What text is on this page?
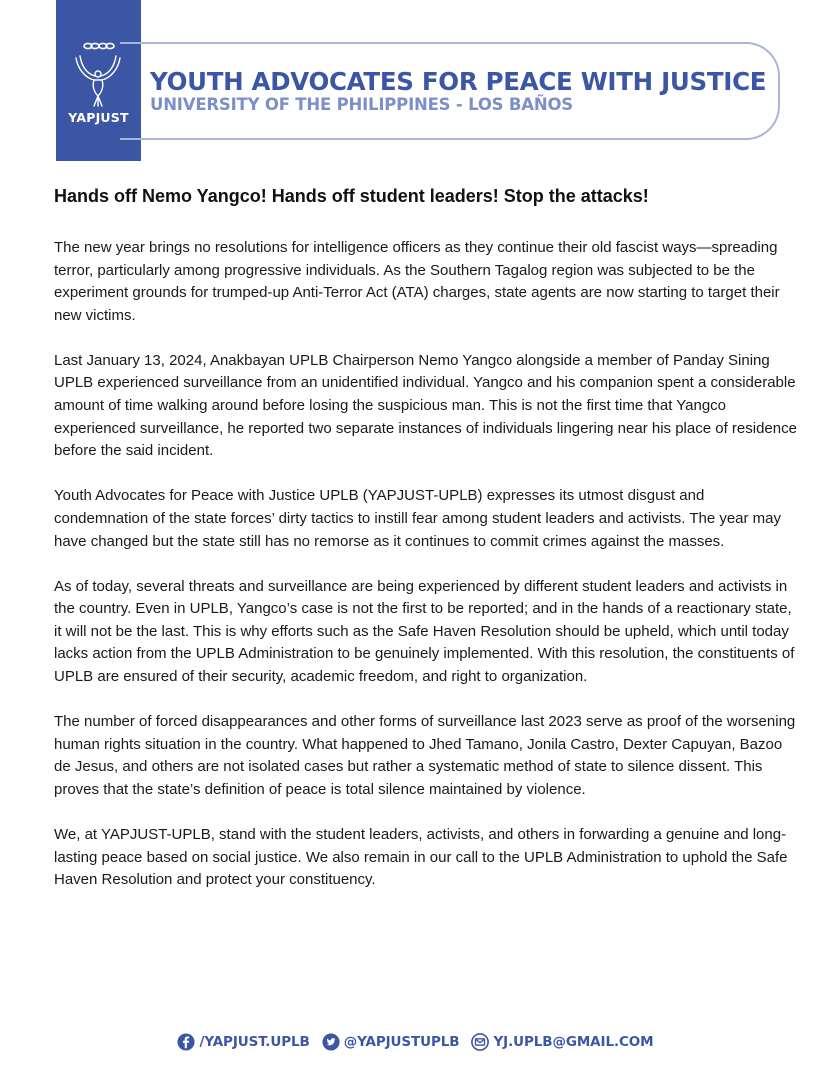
YAPJUST
YOUTH ADVOCATES FOR PEACE WITH JUSTICE
UNIVERSITY OF THE PHILIPPINES - LOS BAÑOS
Hands off Nemo Yangco! Hands off student leaders! Stop the attacks!

The new year brings no resolutions for intelligence officers as they continue their old fascist ways—spreading terror, particularly among progressive individuals. As the Southern Tagalog region was subjected to be the experiment grounds for trumped-up Anti-Terror Act (ATA) charges, state agents are now starting to target their new victims.

Last January 13, 2024, Anakbayan UPLB Chairperson Nemo Yangco alongside a member of Panday Sining UPLB experienced surveillance from an unidentified individual. Yangco and his companion spent a considerable amount of time walking around before losing the suspicious man. This is not the first time that Yangco experienced surveillance, he reported two separate instances of individuals lingering near his place of residence before the said incident.

Youth Advocates for Peace with Justice UPLB (YAPJUST-UPLB) expresses its utmost disgust and condemnation of the state forces’ dirty tactics to instill fear among student leaders and activists. The year may have changed but the state still has no remorse as it continues to commit crimes against the masses.

As of today, several threats and surveillance are being experienced by different student leaders and activists in the country. Even in UPLB, Yangco’s case is not the first to be reported; and in the hands of a reactionary state, it will not be the last. This is why efforts such as the Safe Haven Resolution should be upheld, which until today lacks action from the UPLB Administration to be genuinely implemented. With this resolution, the constituents of UPLB are ensured of their security, academic freedom, and right to organization.

The number of forced disappearances and other forms of surveillance last 2023 serve as proof of the worsening human rights situation in the country. What happened to Jhed Tamano, Jonila Castro, Dexter Capuyan, Bazoo de Jesus, and others are not isolated cases but rather a systematic method of state to silence dissent. This proves that the state’s definition of peace is total silence maintained by violence.

We, at YAPJUST-UPLB, stand with the student leaders, activists, and others in forwarding a genuine and long-lasting peace based on social justice. We also remain in our call to the UPLB Administration to uphold the Safe Haven Resolution and protect your constituency.

/YAPJUST.UPLB	@YAPJUSTUPLB	YJ.UPLB@GMAIL.COM
